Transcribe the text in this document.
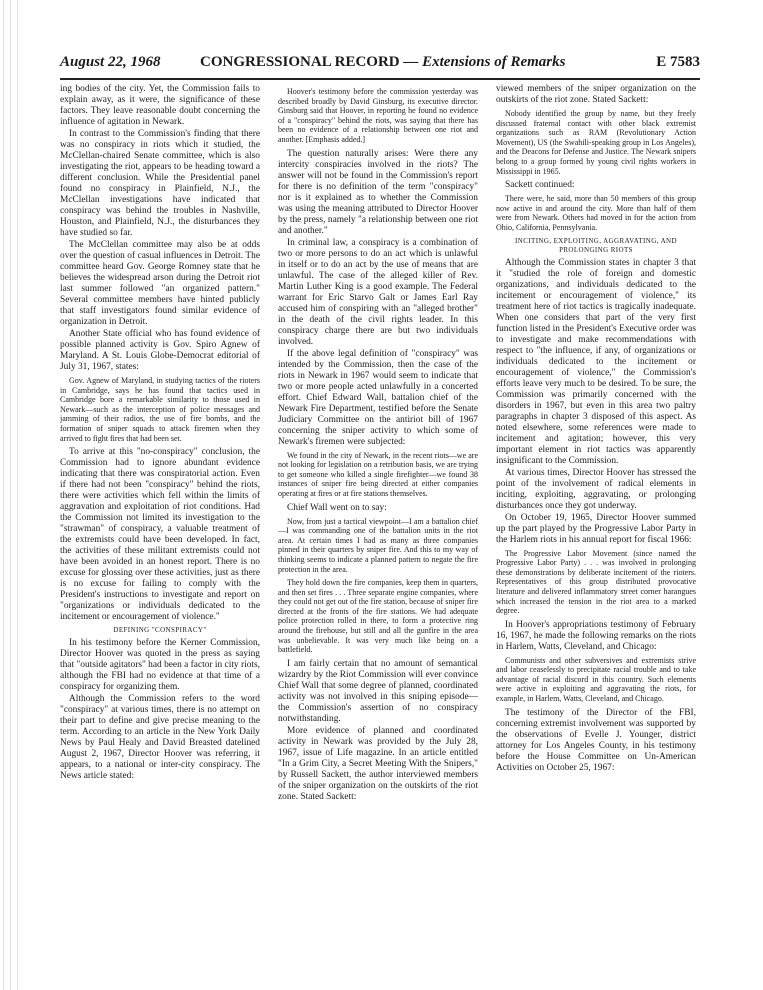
August 22, 1968	CONGRESSIONAL RECORD — Extensions of Remarks	E 7583

ing bodies of the city. Yet, the Commission fails to explain away, as it were, the significance of these factors. They leave reasonable doubt concerning the influence of agitation in Newark.

In contrast to the Commission's finding that there was no conspiracy in riots which it studied, the McClellan-chaired Senate committee, which is also investigating the riot, appears to be heading toward a different conclusion. While the Presidential panel found no conspiracy in Plainfield, N.J., the McClellan investigations have indicated that conspiracy was behind the troubles in Nashville, Houston, and Plainfield, N.J., the disturbances they have studied so far.

The McClellan committee may also be at odds over the question of casual influences in Detroit. The committee heard Gov. George Romney state that he believes the widespread arson during the Detroit riot last summer followed "an organized pattern." Several committee members have hinted publicly that staff investigators found similar evidence of organization in Detroit.

Another State official who has found evidence of possible planned activity is Gov. Spiro Agnew of Maryland. A St. Louis Globe-Democrat editorial of July 31, 1967, states:

Gov. Agnew of Maryland, in studying tactics of the rioters in Cambridge, says he has found that tactics used in Cambridge bore a remarkable similarity to those used in Newark—such as the interception of police messages and jamming of their radios, the use of fire bombs, and the formation of sniper squads to attack firemen when they arrived to fight fires that had been set.

To arrive at this "no-conspiracy" conclusion, the Commission had to ignore abundant evidence indicating that there was conspiratorial action. Even if there had not been "conspiracy" behind the riots, there were activities which fell within the limits of aggravation and exploitation of riot conditions. Had the Commission not limited its investigation to the "strawman" of conspiracy, a valuable treatment of the extremists could have been developed. In fact, the activities of these militant extremists could not have been avoided in an honest report. There is no excuse for glossing over these activities, just as there is no excuse for failing to comply with the President's instructions to investigate and report on "organizations or individuals dedicated to the incitement or encouragement of violence."

DEFINING "CONSPIRACY"

In his testimony before the Kerner Commission, Director Hoover was quoted in the press as saying that "outside agitators" had been a factor in city riots, although the FBI had no evidence at that time of a conspiracy for organizing them.

Although the Commission refers to the word "conspiracy" at various times, there is no attempt on their part to define and give precise meaning to the term. According to an article in the New York Daily News by Paul Healy and David Breasted datelined August 2, 1967, Director Hoover was referring, it appears, to a national or inter-city conspiracy. The News article stated:

Hoover's testimony before the commission yesterday was described broadly by David Ginsburg, its executive director. Ginsburg said that Hoover, in reporting he found no evidence of a "conspiracy" behind the riots, was saying that there has been no evidence of a relationship between one riot and another. [Emphasis added.]

The question naturally arises: Were there any intercity conspiracies involved in the riots? The answer will not be found in the Commission's report for there is no definition of the term "conspiracy" nor is it explained as to whether the Commission was using the meaning attributed to Director Hoover by the press, namely "a relationship between one riot and another."

In criminal law, a conspiracy is a combination of two or more persons to do an act which is unlawful in itself or to do an act by the use of means that are unlawful. The case of the alleged killer of Rev. Martin Luther King is a good example. The Federal warrant for Eric Starvo Galt or James Earl Ray accused him of conspiring with an "alleged brother" in the death of the civil rights leader. In this conspiracy charge there are but two individuals involved.

If the above legal definition of "conspiracy" was intended by the Commission, then the case of the riots in Newark in 1967 would seem to indicate that two or more people acted unlawfully in a concerted effort. Chief Edward Wall, battalion chief of the Newark Fire Department, testified before the Senate Judiciary Committee on the antiriot bill of 1967 concerning the sniper activity to which some of Newark's firemen were subjected:

We found in the city of Newark, in the recent riots—we are not looking for legislation on a retribution basis, we are trying to get someone who killed a single firefighter—we found 38 instances of sniper fire being directed at either companies operating at fires or at fire stations themselves.

Chief Wall went on to say:

Now, from just a tactical viewpoint—I am a battalion chief—I was commanding one of the battalion units in the riot area. At certain times I had as many as three companies pinned in their quarters by sniper fire. And this to my way of thinking seems to indicate a planned pattern to negate the fire protection in the area.

They hold down the fire companies, keep them in quarters, and then set fires . . . Three separate engine companies, where they could not get out of the fire station, because of sniper fire directed at the fronts of the fire stations. We had adequate police protection rolled in there, to form a protective ring around the firehouse, but still and all the gunfire in the area was unbelievable. It was very much like being on a battlefield.

I am fairly certain that no amount of semantical wizardry by the Riot Commission will ever convince Chief Wall that some degree of planned, coordinated activity was not involved in this sniping episode—the Commission's assertion of no conspiracy notwithstanding.

More evidence of planned and coordinated activity in Newark was provided by the July 28, 1967, issue of Life magazine. In an article entitled "In a Grim City, a Secret Meeting With the Snipers," by Russell Sackett, the author interviewed members of the sniper organization on the outskirts of the riot zone. Stated Sackett:

viewed members of the sniper organization on the outskirts of the riot zone. Stated Sackett:

Nobody identified the group by name, but they freely discussed fraternal contact with other black extremist organizations such as RAM (Revolutionary Action Movement), US (the Swahili-speaking group in Los Angeles), and the Deacons for Defense and Justice. The Newark snipers belong to a group formed by young civil rights workers in Mississippi in 1965.

Sackett continued:

There were, he said, more than 50 members of this group now active in and around the city. More than half of them were from Newark. Others had moved in for the action from Ohio, California, Pennsylvania.

INCITING, EXPLOITING, AGGRAVATING, AND PROLONGING RIOTS

Although the Commission states in chapter 3 that it "studied the role of foreign and domestic organizations, and individuals dedicated to the incitement or encouragement of violence," its treatment here of riot tactics is tragically inadequate. When one considers that part of the very first function listed in the President's Executive order was to investigate and make recommendations with respect to "the influence, if any, of organizations or individuals dedicated to the incitement or encouragement of violence," the Commission's efforts leave very much to be desired. To be sure, the Commission was primarily concerned with the disorders in 1967, but even in this area two paltry paragraphs in chapter 3 disposed of this aspect. As noted elsewhere, some references were made to incitement and agitation; however, this very important element in riot tactics was apparently insignificant to the Commission.

At various times, Director Hoover has stressed the point of the involvement of radical elements in inciting, exploiting, aggravating, or prolonging disturbances once they got underway.

On October 19, 1965, Director Hoover summed up the part played by the Progressive Labor Party in the Harlem riots in his annual report for fiscal 1966:

The Progressive Labor Movement (since named the Progressive Labor Party) . . . was involved in prolonging these demonstrations by deliberate incitement of the rioters. Representatives of this group distributed provocative literature and delivered inflammatory street corner harangues which increased the tension in the riot area to a marked degree.

In Hoover's appropriations testimony of February 16, 1967, he made the following remarks on the riots in Harlem, Watts, Cleveland, and Chicago:

Communists and other subversives and extremists strive and labor ceaselessly to precipitate racial trouble and to take advantage of racial discord in this country. Such elements were active in exploiting and aggravating the riots, for example, in Harlem, Watts, Cleveland, and Chicago.

The testimony of the Director of the FBI, concerning extremist involvement was supported by the observations of Evelle J. Younger, district attorney for Los Angeles County, in his testimony before the House Committee on Un-American Activities on October 25, 1967:
